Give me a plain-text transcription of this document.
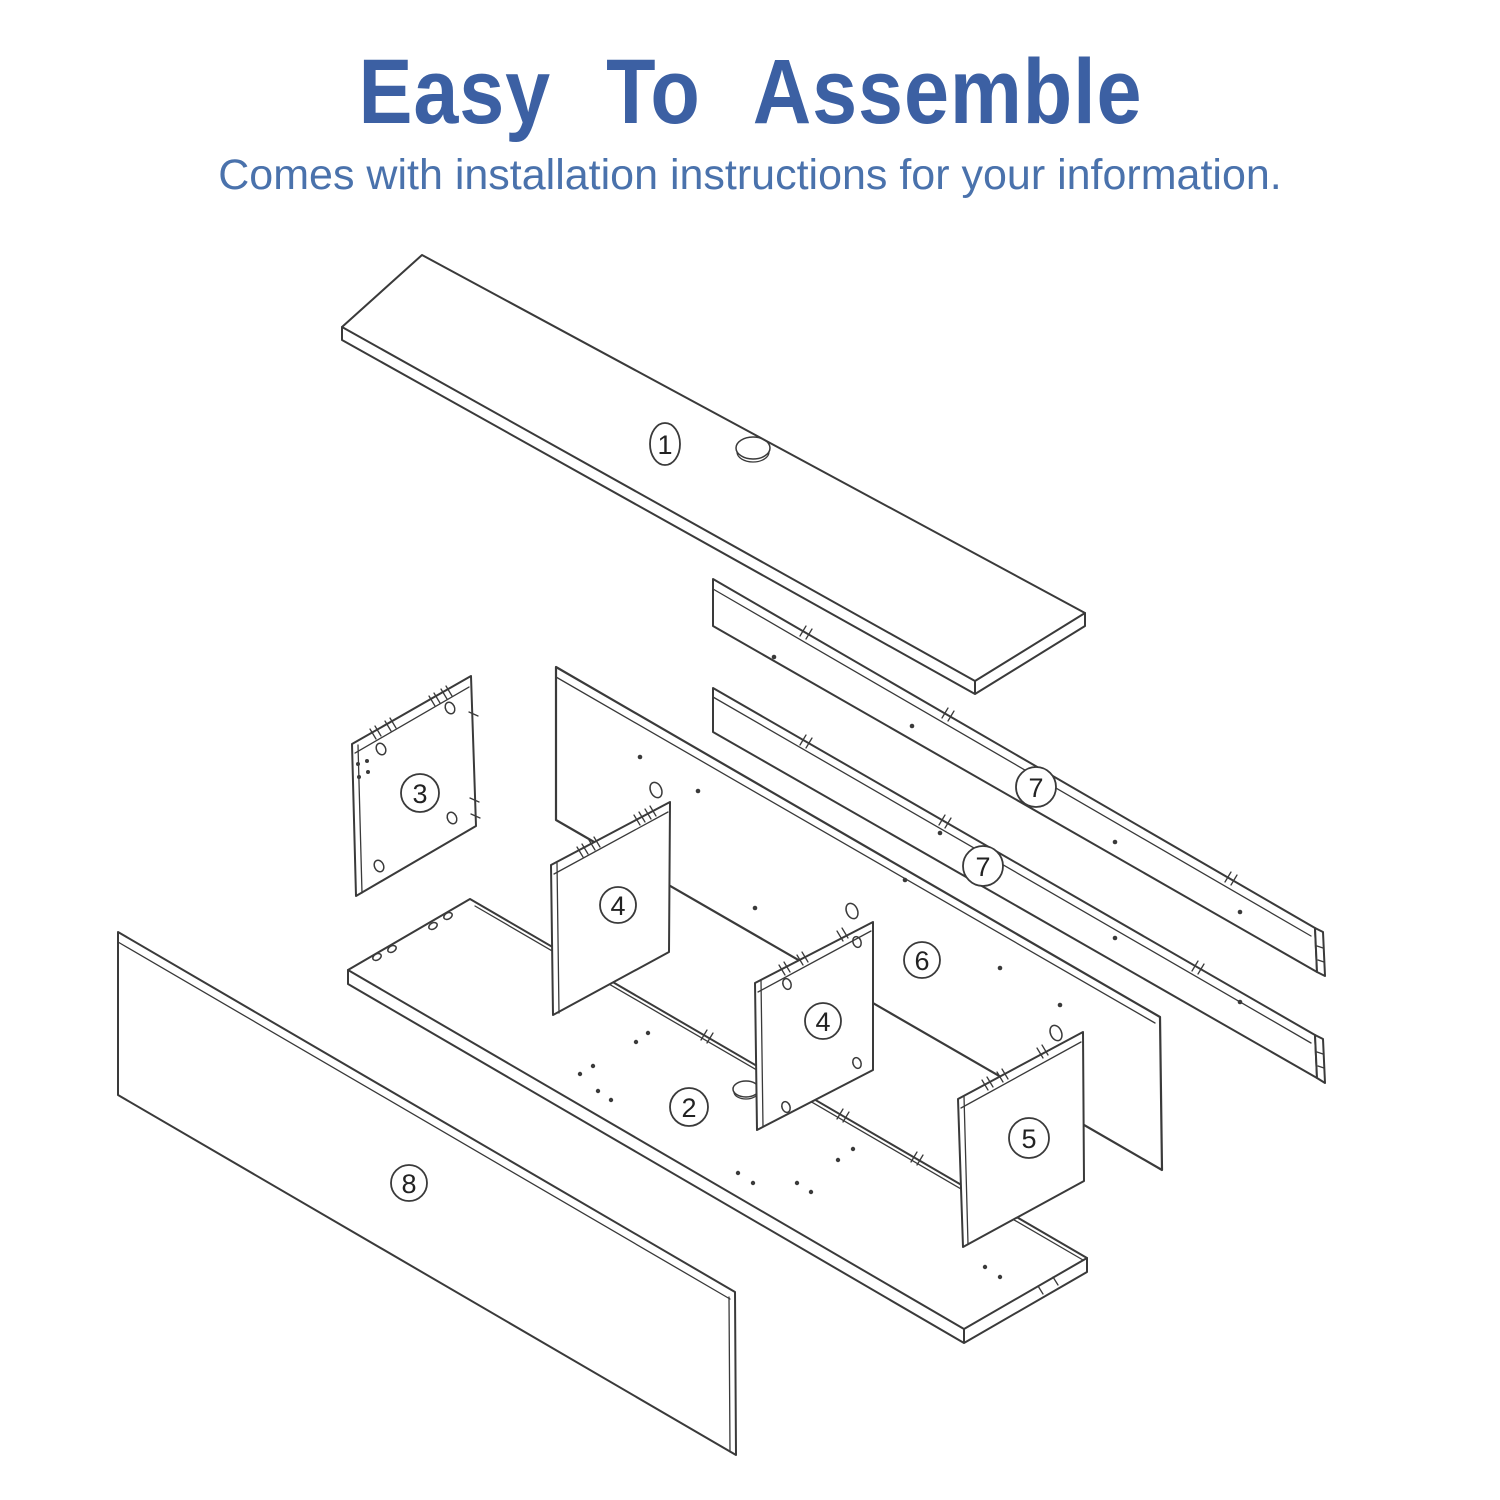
Easy To Assemble

Comes with installation instructions for your information.

1
7
7
3
4
6
4
2
5
8
